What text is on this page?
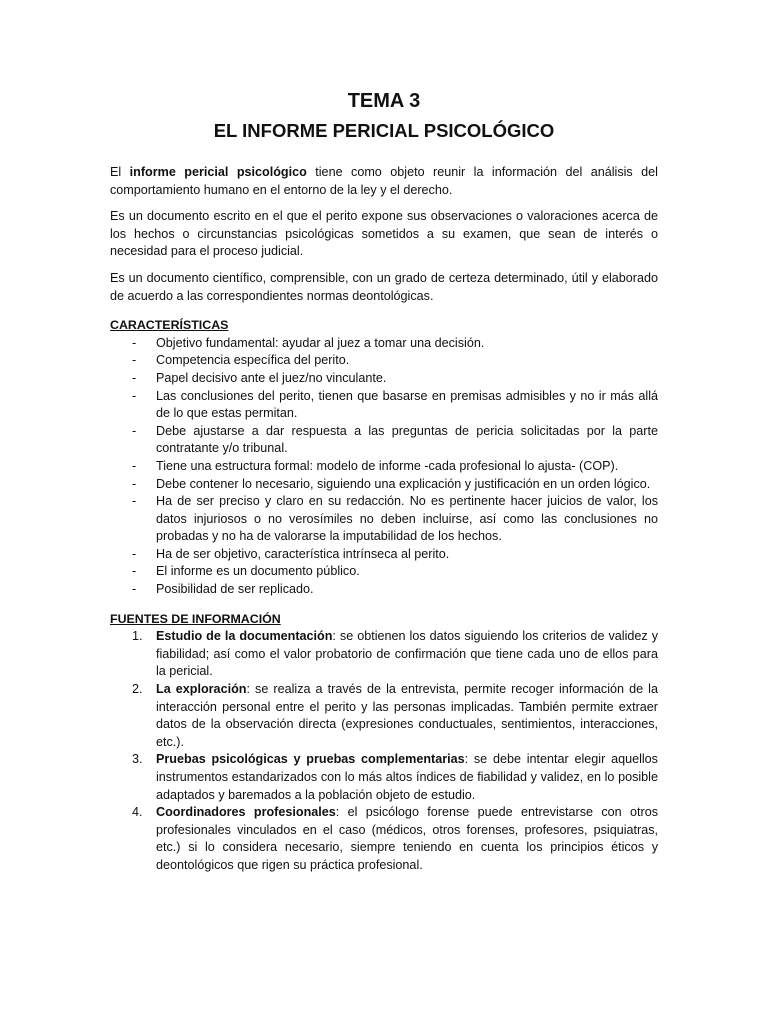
TEMA 3
EL INFORME PERICIAL PSICOLÓGICO

El informe pericial psicológico tiene como objeto reunir la información del análisis del comportamiento humano en el entorno de la ley y el derecho.

Es un documento escrito en el que el perito expone sus observaciones o valoraciones acerca de los hechos o circunstancias psicológicas sometidos a su examen, que sean de interés o necesidad para el proceso judicial.

Es un documento científico, comprensible, con un grado de certeza determinado, útil y elaborado de acuerdo a las correspondientes normas deontológicas.

CARACTERÍSTICAS
- Objetivo fundamental: ayudar al juez a tomar una decisión.
- Competencia específica del perito.
- Papel decisivo ante el juez/no vinculante.
- Las conclusiones del perito, tienen que basarse en premisas admisibles y no ir más allá de lo que estas permitan.
- Debe ajustarse a dar respuesta a las preguntas de pericia solicitadas por la parte contratante y/o tribunal.
- Tiene una estructura formal: modelo de informe -cada profesional lo ajusta- (COP).
- Debe contener lo necesario, siguiendo una explicación y justificación en un orden lógico.
- Ha de ser preciso y claro en su redacción. No es pertinente hacer juicios de valor, los datos injuriosos o no verosímiles no deben incluirse, así como las conclusiones no probadas y no ha de valorarse la imputabilidad de los hechos.
- Ha de ser objetivo, característica intrínseca al perito.
- El informe es un documento público.
- Posibilidad de ser replicado.
FUENTES DE INFORMACIÓN
1. Estudio de la documentación: se obtienen los datos siguiendo los criterios de validez y fiabilidad; así como el valor probatorio de confirmación que tiene cada uno de ellos para la pericial.
2. La exploración: se realiza a través de la entrevista, permite recoger información de la interacción personal entre el perito y las personas implicadas. También permite extraer datos de la observación directa (expresiones conductuales, sentimientos, interacciones, etc.).
3. Pruebas psicológicas y pruebas complementarias: se debe intentar elegir aquellos instrumentos estandarizados con lo más altos índices de fiabilidad y validez, en lo posible adaptados y baremados a la población objeto de estudio.
4. Coordinadores profesionales: el psicólogo forense puede entrevistarse con otros profesionales vinculados en el caso (médicos, otros forenses, profesores, psiquiatras, etc.) si lo considera necesario, siempre teniendo en cuenta los principios éticos y deontológicos que rigen su práctica profesional.
